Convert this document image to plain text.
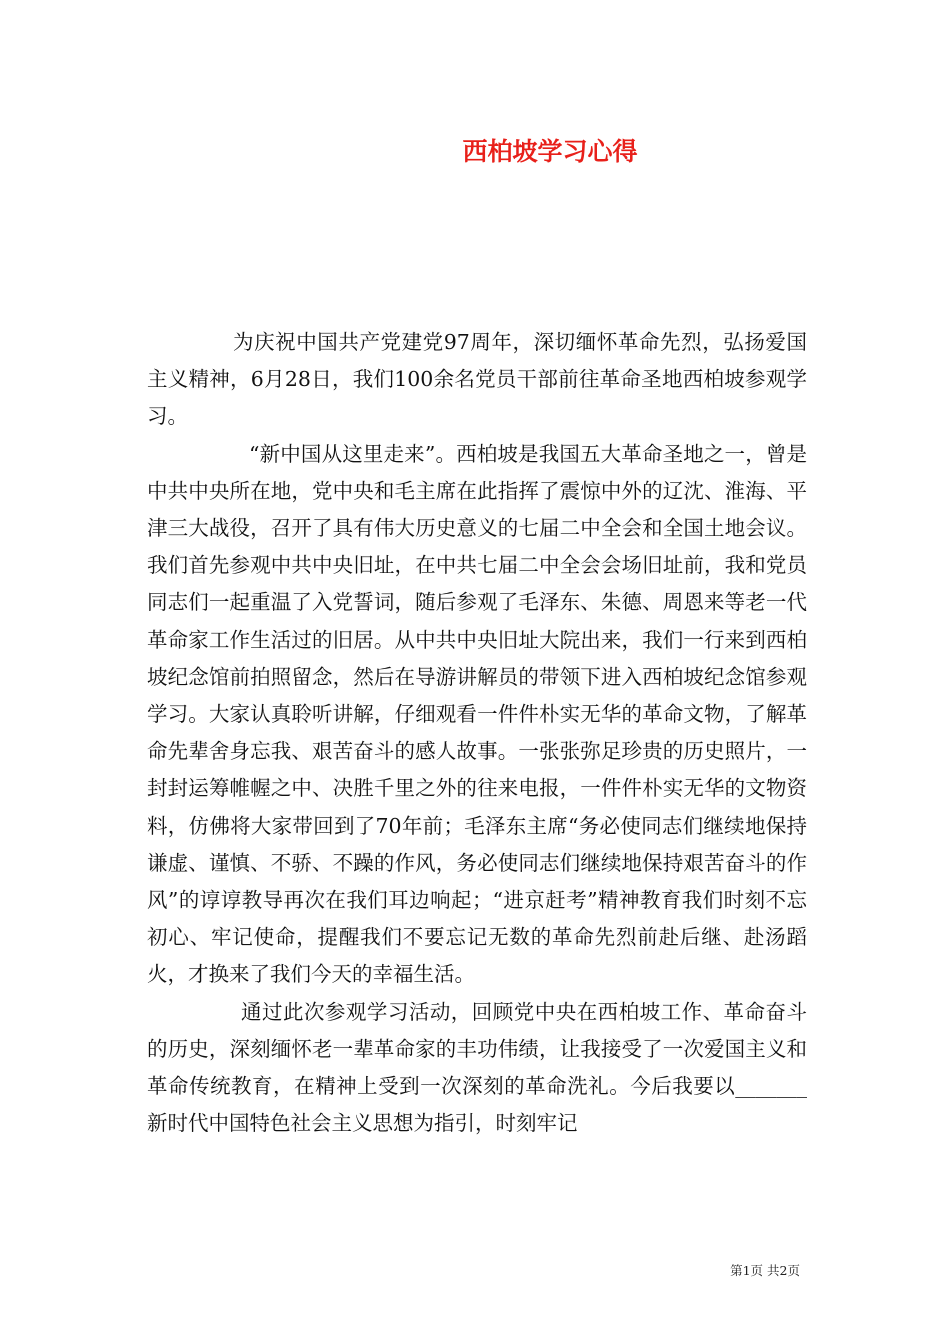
西柏坡学习心得

为庆祝中国共产党建党97周年，深切缅怀革命先烈，弘扬爱国主义精神，6月28日，我们100余名党员干部前往革命圣地西柏坡参观学习。

“新中国从这里走来”。西柏坡是我国五大革命圣地之一，曾是中共中央所在地，党中央和毛主席在此指挥了震惊中外的辽沈、淮海、平津三大战役，召开了具有伟大历史意义的七届二中全会和全国土地会议。我们首先参观中共中央旧址，在中共七届二中全会会场旧址前，我和党员同志们一起重温了入党誓词，随后参观了毛泽东、朱德、周恩来等老一代革命家工作生活过的旧居。从中共中央旧址大院出来，我们一行来到西柏坡纪念馆前拍照留念，然后在导游讲解员的带领下进入西柏坡纪念馆参观学习。大家认真聆听讲解，仔细观看一件件朴实无华的革命文物，了解革命先辈舍身忘我、艰苦奋斗的感人故事。一张张弥足珍贵的历史照片，一封封运筹帷幄之中、决胜千里之外的往来电报，一件件朴实无华的文物资料，仿佛将大家带回到了70年前；毛泽东主席“务必使同志们继续地保持谦虚、谨慎、不骄、不躁的作风，务必使同志们继续地保持艰苦奋斗的作风”的谆谆教导再次在我们耳边响起；“进京赶考”精神教育我们时刻不忘初心、牢记使命，提醒我们不要忘记无数的革命先烈前赴后继、赴汤蹈火，才换来了我们今天的幸福生活。

通过此次参观学习活动，回顾党中央在西柏坡工作、革命奋斗的历史，深刻缅怀老一辈革命家的丰功伟绩，让我接受了一次爱国主义和革命传统教育，在精神上受到一次深刻的革命洗礼。今后我要以_______新时代中国特色社会主义思想为指引，时刻牢记

第1页 共2页
